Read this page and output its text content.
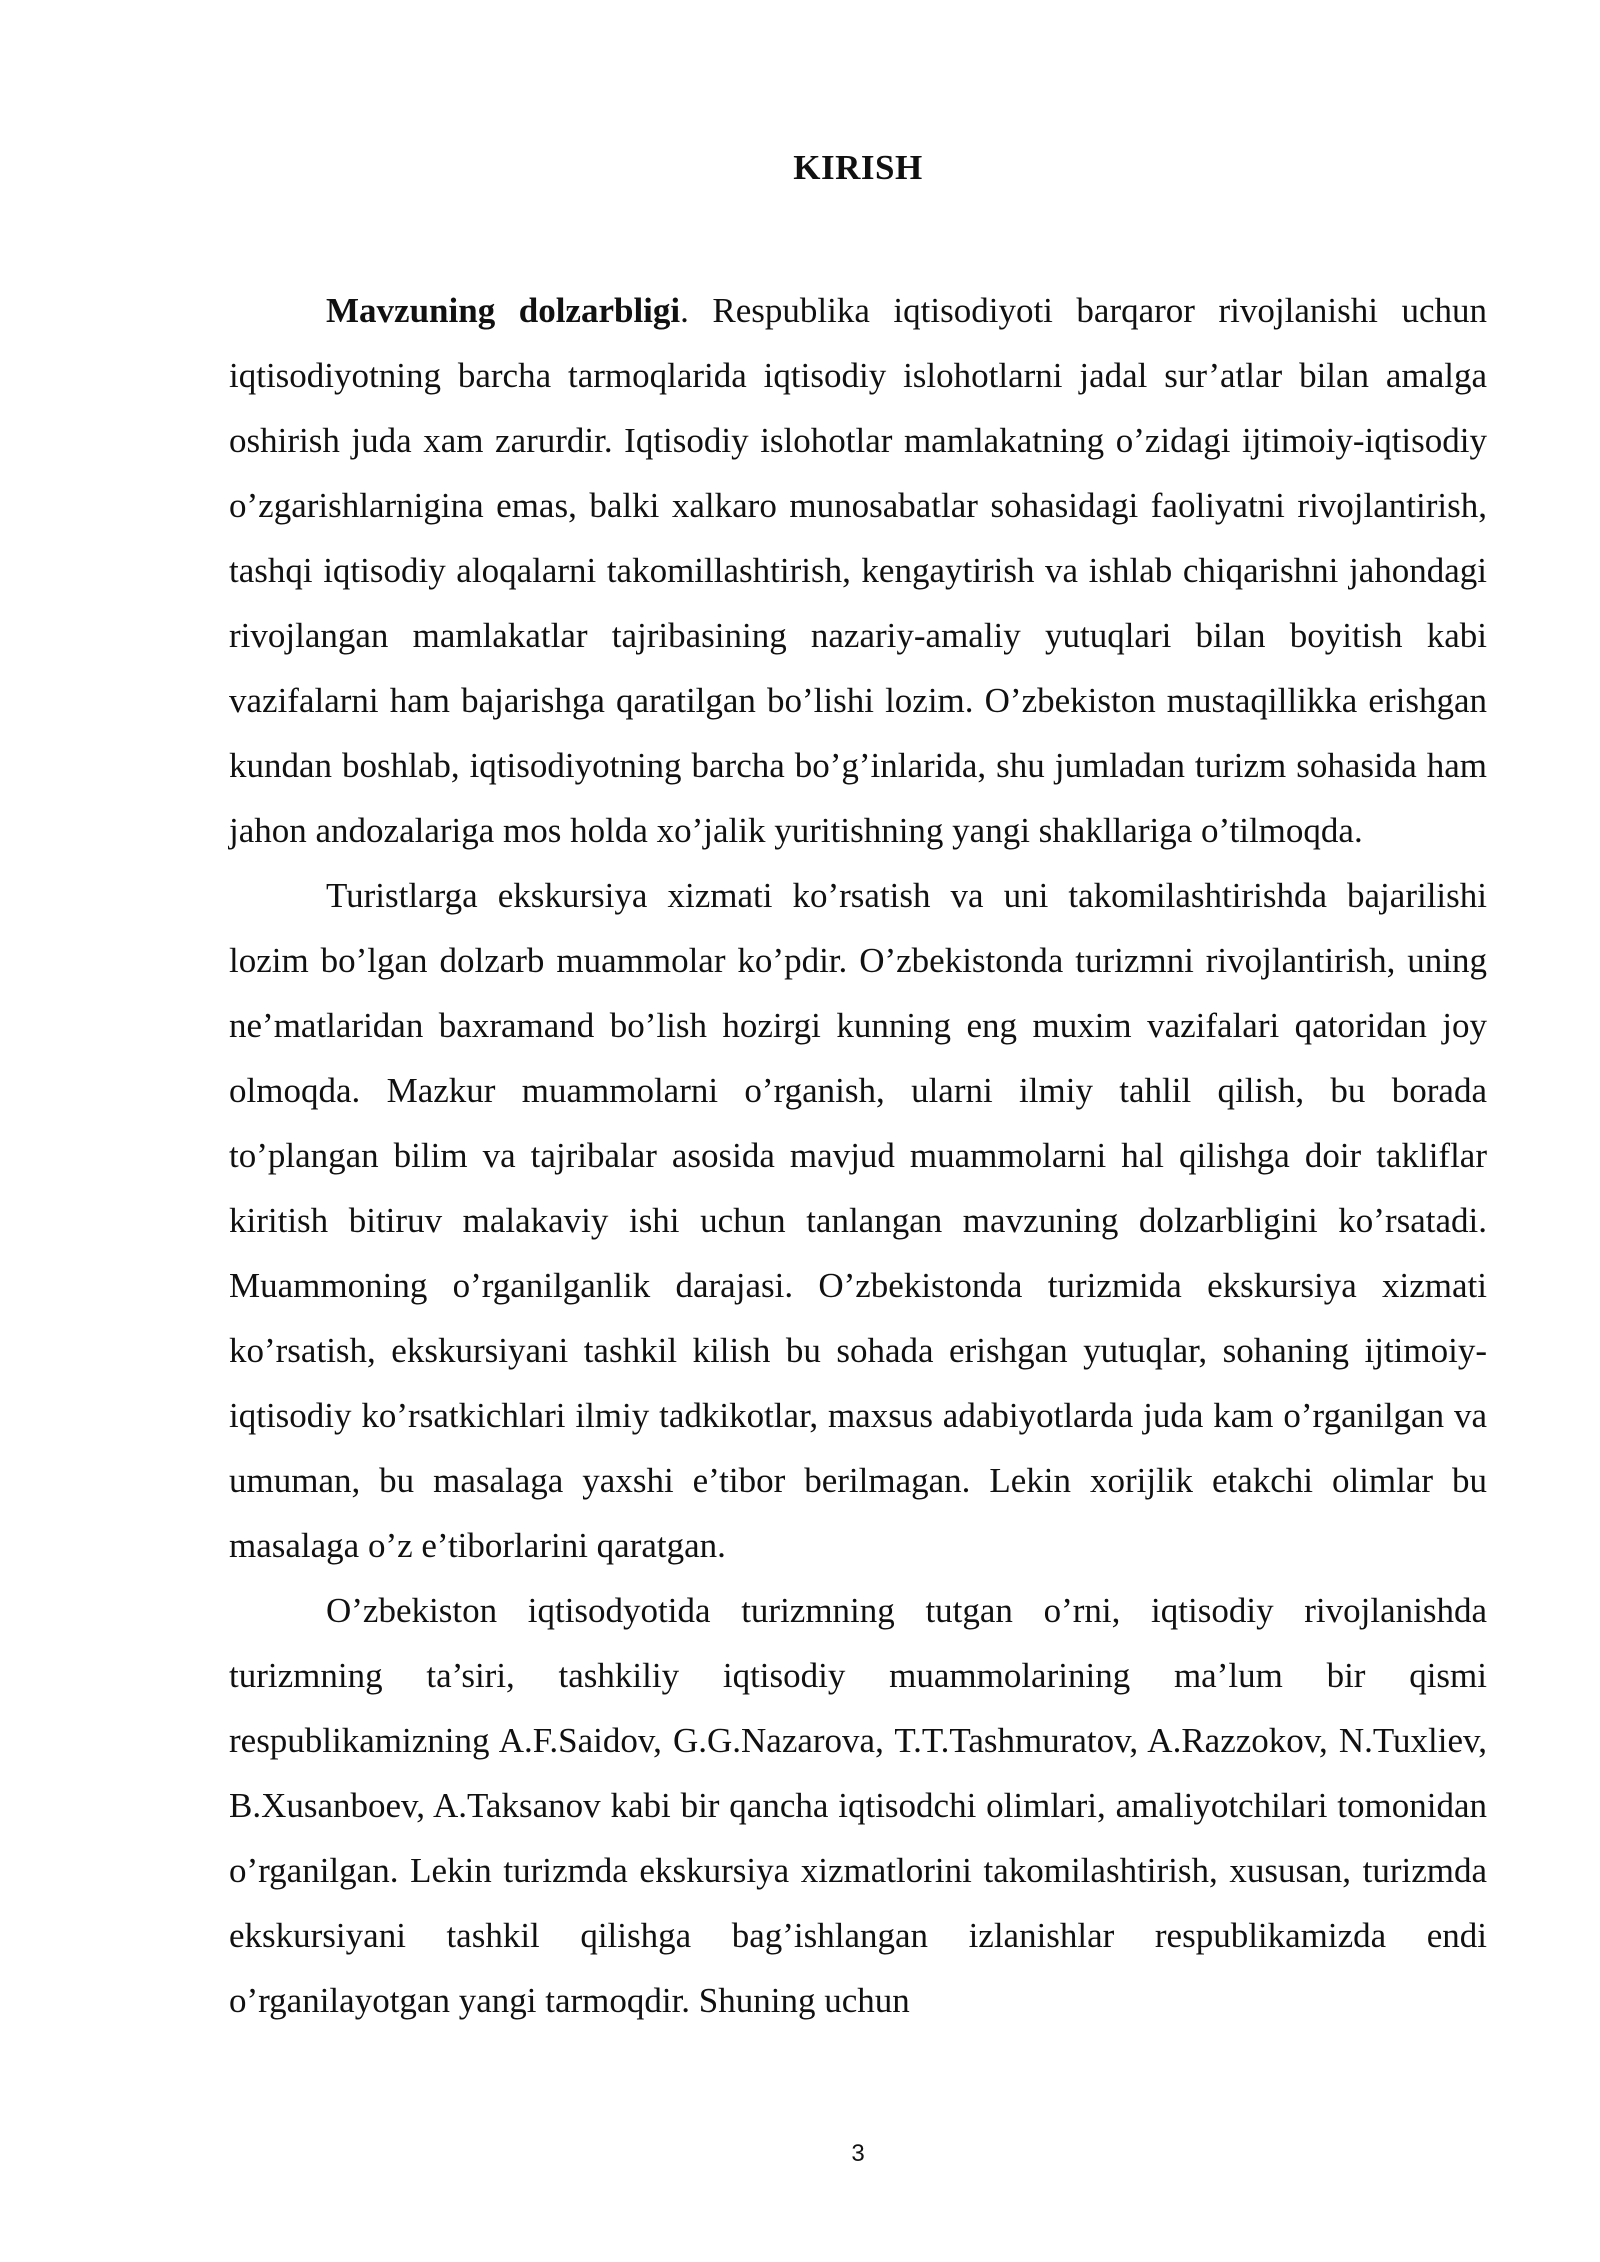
KIRISH

Mavzuning dolzarbligi. Respublika iqtisodiyoti barqaror rivojlanishi uchun iqtisodiyotning barcha tarmoqlarida iqtisodiy islohotlarni jadal sur’atlar bilan amalga oshirish juda xam zarurdir. Iqtisodiy islohotlar mamlakatning o’zidagi ijtimoiy-iqtisodiy o’zgarishlarnigina emas, balki xalkaro munosabatlar sohasidagi faoliyatni rivojlantirish, tashqi iqtisodiy aloqalarni takomillashtirish, kengaytirish va ishlab chiqarishni jahondagi rivojlangan mamlakatlar tajribasining nazariy-amaliy yutuqlari bilan boyitish kabi vazifalarni ham bajarishga qaratilgan bo’lishi lozim. O’zbekiston mustaqillikka erishgan kundan boshlab, iqtisodiyotning barcha bo’g’inlarida, shu jumladan turizm sohasida ham jahon andozalariga mos holda xo’jalik yuritishning yangi shakllariga o’tilmoqda.

Turistlarga ekskursiya xizmati ko’rsatish va uni takomilashtirishda bajarilishi lozim bo’lgan dolzarb muammolar ko’pdir. O’zbekistonda turizmni rivojlantirish, uning ne’matlaridan baxramand bo’lish hozirgi kunning eng muxim vazifalari qatoridan joy olmoqda. Mazkur muammolarni o’rganish, ularni ilmiy tahlil qilish, bu borada to’plangan bilim va tajribalar asosida mavjud muammolarni hal qilishga doir takliflar kiritish bitiruv malakaviy ishi uchun tanlangan mavzuning dolzarbligini ko’rsatadi. Muammoning o’rganilganlik darajasi. O’zbekistonda turizmida ekskursiya xizmati ko’rsatish, ekskursiyani tashkil kilish bu sohada erishgan yutuqlar, sohaning ijtimoiy-iqtisodiy ko’rsatkichlari ilmiy tadkikotlar, maxsus adabiyotlarda juda kam o’rganilgan va umuman, bu masalaga yaxshi e’tibor berilmagan. Lekin xorijlik etakchi olimlar bu masalaga o’z e’tiborlarini qaratgan.

O’zbekiston iqtisodyotida turizmning tutgan o’rni, iqtisodiy rivojlanishda turizmning ta’siri, tashkiliy iqtisodiy muammolarining ma’lum bir qismi respublikamizning A.F.Saidov, G.G.Nazarova, T.T.Tashmuratov, A.Razzokov, N.Tuxliev, B.Xusanboev, A.Taksanov kabi bir qancha iqtisodchi olimlari, amaliyotchilari tomonidan o’rganilgan. Lekin turizmda ekskursiya xizmatlorini takomilashtirish, xususan, turizmda ekskursiyani tashkil qilishga bag’ishlangan izlanishlar respublikamizda endi o’rganilayotgan yangi tarmoqdir. Shuning uchun

3
